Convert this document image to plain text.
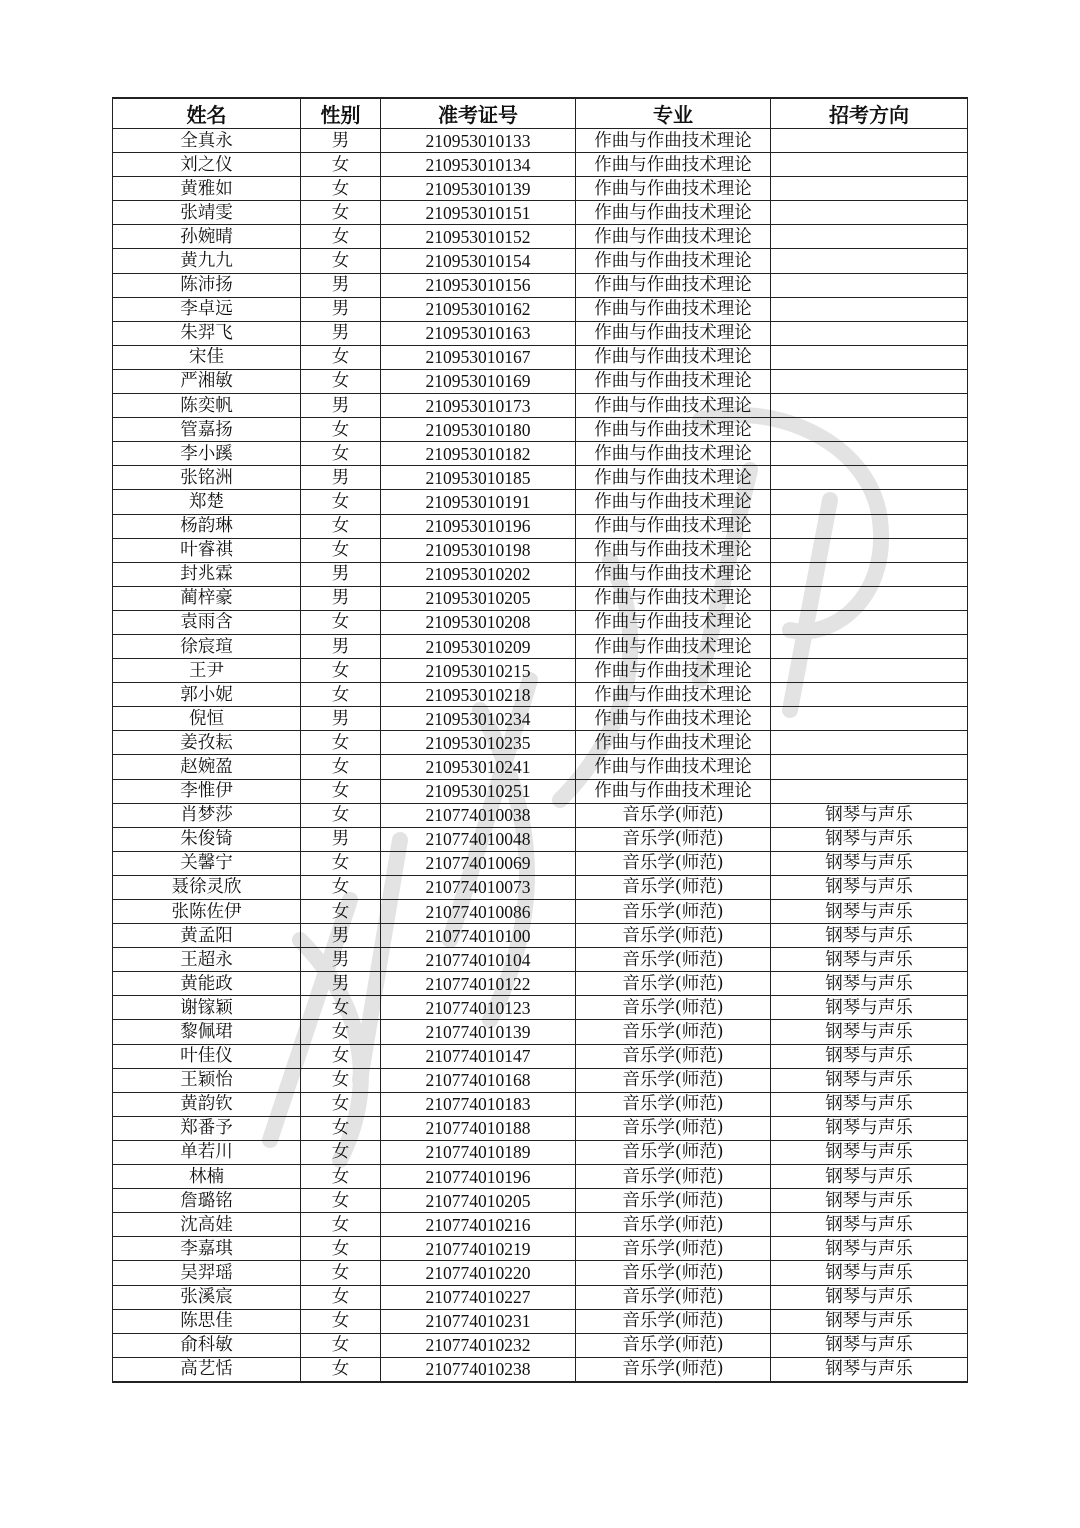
姓名	性别	准考证号	专业	招考方向
全真永	男	210953010133	作曲与作曲技术理论	
刘之仪	女	210953010134	作曲与作曲技术理论	
黄雅如	女	210953010139	作曲与作曲技术理论	
张靖雯	女	210953010151	作曲与作曲技术理论	
孙婉晴	女	210953010152	作曲与作曲技术理论	
黄九九	女	210953010154	作曲与作曲技术理论	
陈沛扬	男	210953010156	作曲与作曲技术理论	
李卓远	男	210953010162	作曲与作曲技术理论	
朱羿飞	男	210953010163	作曲与作曲技术理论	
宋佳	女	210953010167	作曲与作曲技术理论	
严湘敏	女	210953010169	作曲与作曲技术理论	
陈奕帆	男	210953010173	作曲与作曲技术理论	
管嘉扬	女	210953010180	作曲与作曲技术理论	
李小蹊	女	210953010182	作曲与作曲技术理论	
张铭洲	男	210953010185	作曲与作曲技术理论	
郑楚	女	210953010191	作曲与作曲技术理论	
杨韵琳	女	210953010196	作曲与作曲技术理论	
叶睿祺	女	210953010198	作曲与作曲技术理论	
封兆霖	男	210953010202	作曲与作曲技术理论	
蔺梓豪	男	210953010205	作曲与作曲技术理论	
袁雨含	女	210953010208	作曲与作曲技术理论	
徐宸瑄	男	210953010209	作曲与作曲技术理论	
王尹	女	210953010215	作曲与作曲技术理论	
郭小妮	女	210953010218	作曲与作曲技术理论	
倪恒	男	210953010234	作曲与作曲技术理论	
姜孜耘	女	210953010235	作曲与作曲技术理论	
赵婉盈	女	210953010241	作曲与作曲技术理论	
李惟伊	女	210953010251	作曲与作曲技术理论	
肖梦莎	女	210774010038	音乐学(师范)	钢琴与声乐
朱俊锜	男	210774010048	音乐学(师范)	钢琴与声乐
关馨宁	女	210774010069	音乐学(师范)	钢琴与声乐
聂徐灵欣	女	210774010073	音乐学(师范)	钢琴与声乐
张陈佐伊	女	210774010086	音乐学(师范)	钢琴与声乐
黄孟阳	男	210774010100	音乐学(师范)	钢琴与声乐
王超永	男	210774010104	音乐学(师范)	钢琴与声乐
黄能政	男	210774010122	音乐学(师范)	钢琴与声乐
谢镓颖	女	210774010123	音乐学(师范)	钢琴与声乐
黎佩珺	女	210774010139	音乐学(师范)	钢琴与声乐
叶佳仪	女	210774010147	音乐学(师范)	钢琴与声乐
王颖怡	女	210774010168	音乐学(师范)	钢琴与声乐
黄韵钦	女	210774010183	音乐学(师范)	钢琴与声乐
郑番予	女	210774010188	音乐学(师范)	钢琴与声乐
单若川	女	210774010189	音乐学(师范)	钢琴与声乐
林楠	女	210774010196	音乐学(师范)	钢琴与声乐
詹璐铭	女	210774010205	音乐学(师范)	钢琴与声乐
沈高娃	女	210774010216	音乐学(师范)	钢琴与声乐
李嘉琪	女	210774010219	音乐学(师范)	钢琴与声乐
吴羿瑶	女	210774010220	音乐学(师范)	钢琴与声乐
张溪宸	女	210774010227	音乐学(师范)	钢琴与声乐
陈思佳	女	210774010231	音乐学(师范)	钢琴与声乐
俞科敏	女	210774010232	音乐学(师范)	钢琴与声乐
高艺恬	女	210774010238	音乐学(师范)	钢琴与声乐
